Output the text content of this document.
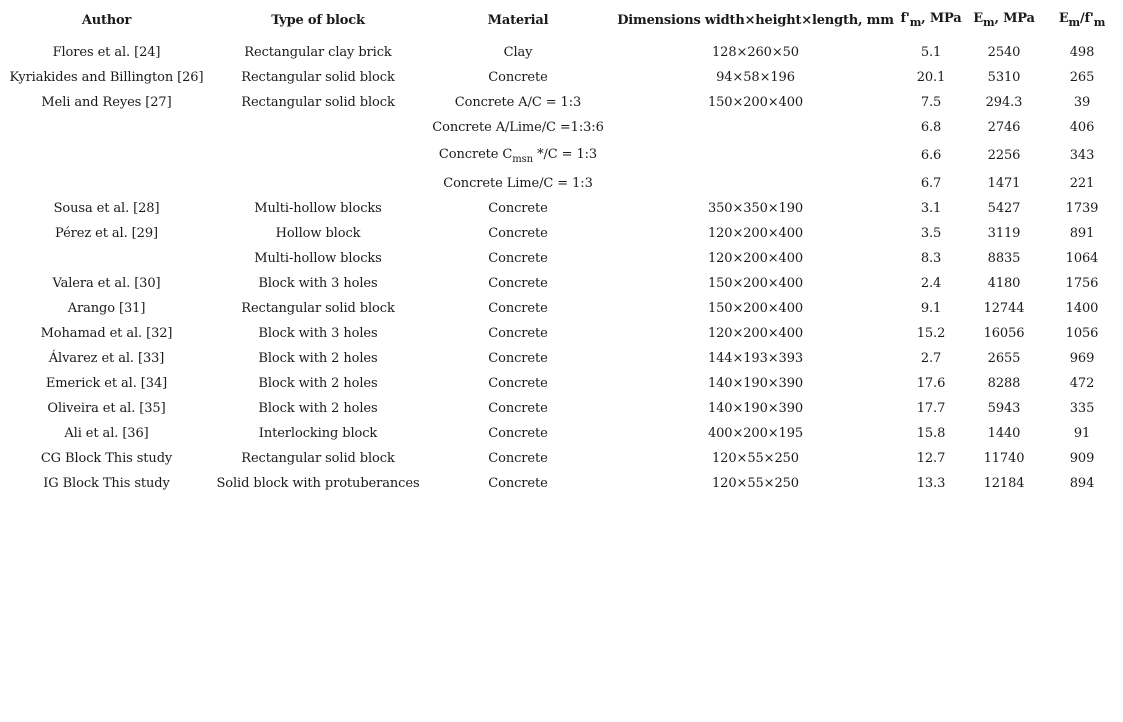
Author	Type of block	Material	Dimensions width×height×length, mm	$f'_m$, MPa	$E_m$, MPa	$E_m/f'_m$
Flores et al. [24]	Rectangular clay brick	Clay	128×260×50	5.1	2540	498
Kyriakides and Billington [26]	Rectangular solid block	Concrete	94×58×196	20.1	5310	265
Meli and Reyes [27]	Rectangular solid block	Concrete A/C = 1:3	150×200×400	7.5	294.3	39
		Concrete A/Lime/C =1:3:6		6.8	2746	406
		Concrete $C_{msn}$ */C = 1:3		6.6	2256	343
		Concrete Lime/C = 1:3		6.7	1471	221
Sousa et al. [28]	Multi-hollow blocks	Concrete	350×350×190	3.1	5427	1739
Pérez et al. [29]	Hollow block	Concrete	120×200×400	3.5	3119	891
	Multi-hollow blocks	Concrete	120×200×400	8.3	8835	1064
Valera et al. [30]	Block with 3 holes	Concrete	150×200×400	2.4	4180	1756
Arango [31]	Rectangular solid block	Concrete	150×200×400	9.1	12744	1400
Mohamad et al. [32]	Block with 3 holes	Concrete	120×200×400	15.2	16056	1056
Álvarez et al. [33]	Block with 2 holes	Concrete	144×193×393	2.7	2655	969
Emerick et al. [34]	Block with 2 holes	Concrete	140×190×390	17.6	8288	472
Oliveira et al. [35]	Block with 2 holes	Concrete	140×190×390	17.7	5943	335
Ali et al. [36]	Interlocking block	Concrete	400×200×195	15.8	1440	91
CG Block This study	Rectangular solid block	Concrete	120×55×250	12.7	11740	909
IG Block This study	Solid block with protuberances	Concrete	120×55×250	13.3	12184	894
